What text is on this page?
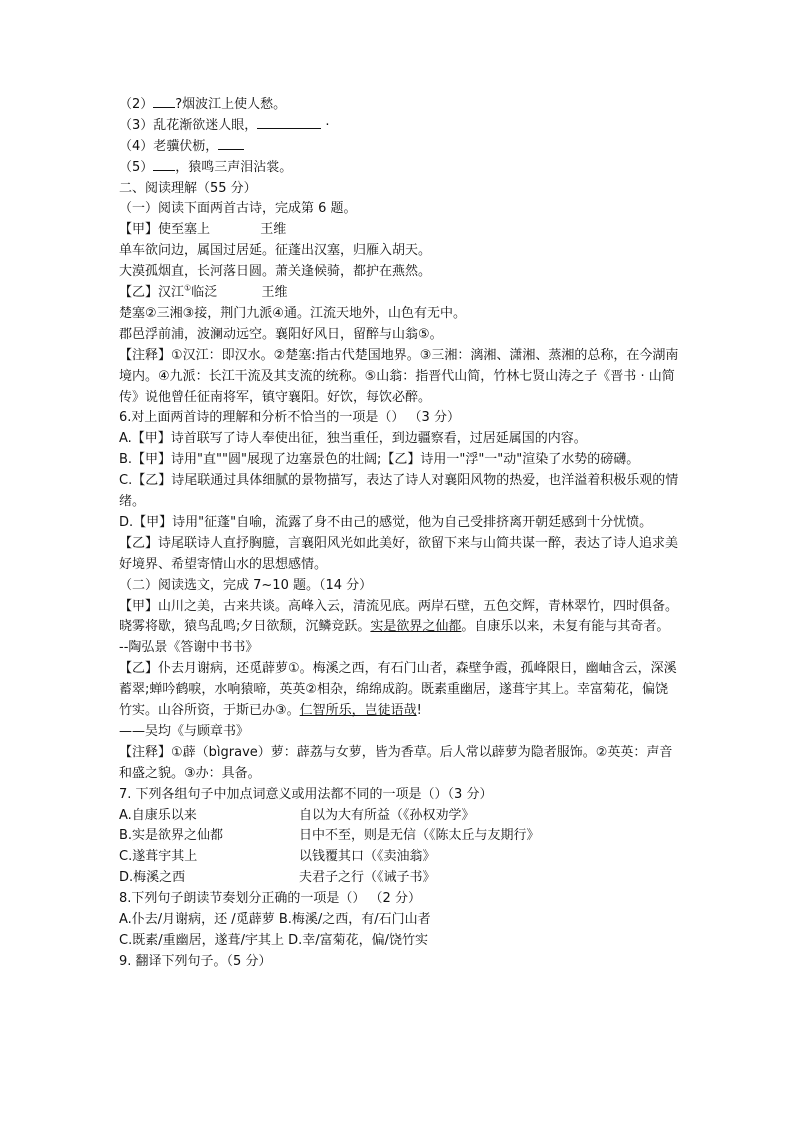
（2） ?烟波江上使人愁。
（3）乱花渐欲迷人眼，	·
（4）老骥伏枥，
（5） ，猿鸣三声泪沾裳。
二、阅读理解（55 分）
（一）阅读下面两首古诗，完成第 6 题。
【甲】使至塞上	王维
单车欲问边，属国过居延。征蓬出汉塞，归雁入胡天。
大漠孤烟直，长河落日圆。萧关逢候骑，都护在燕然。
【乙】汉江①临泛	王维
楚塞②三湘③接，荆门九派④通。江流天地外，山色有无中。
郡邑浮前浦，波澜动远空。襄阳好风日，留醉与山翁⑤。
【注释】①汉江：即汉水。②楚塞:指古代楚国地界。③三湘：漓湘、潇湘、蒸湘的总称，在今湖南境内。④九派：长江干流及其支流的统称。⑤山翁：指晋代山简，竹林七贤山涛之子《晋书 · 山简传》说他曾任征南将军，镇守襄阳。好饮，每饮必醉。
6.对上面两首诗的理解和分析不恰当的一项是（） （3 分）
A.【甲】诗首联写了诗人奉使出征，独当重任，到边疆察看，过居延属国的内容。
B.【甲】诗用"直""圆"展现了边塞景色的壮阔;【乙】诗用一"浮"一"动"渲染了水势的磅礴。
C.【乙】诗尾联通过具体细腻的景物描写，表达了诗人对襄阳风物的热爱，也洋溢着积极乐观的情绪。
D.【甲】诗用"征蓬"自喻，流露了身不由己的感觉，他为自己受排挤离开朝廷感到十分忧愤。
【乙】诗尾联诗人直抒胸臆，言襄阳风光如此美好，欲留下来与山简共谋一醉，表达了诗人追求美好境界、希望寄情山水的思想感情。
（二）阅读选文，完成 7~10 题。（14 分）
【甲】山川之美，古来共谈。高峰入云，清流见底。两岸石壁，五色交辉，青林翠竹，四时俱备。晓雾将歇，猿鸟乱鸣;夕日欲颓，沉鳞竞跃。实是欲界之仙都。自康乐以来，未复有能与其奇者。
--陶弘景《答谢中书书》
【乙】仆去月谢病，还觅薜萝①。梅溪之西，有石门山者，森壁争霞，孤峰限日，幽岫含云，深溪蓄翠;蝉吟鹤唳，水响猿啼，英英②相杂，绵绵成韵。既素重幽居，遂葺宇其上。幸富菊花，偏饶竹实。山谷所资，于斯已办③。仁智所乐，岂徒语哉!
——吴均《与顾章书》
【注释】①薜（bìgrave）萝：薜荔与女萝，皆为香草。后人常以薜萝为隐者服饰。②英英：声音和盛之貌。③办：具备。
7. 下列各组句子中加点词意义或用法都不同的一项是（）（3 分）
A.自康乐以来	自以为大有所益（《孙权劝学》
B.实是欲界之仙都	日中不至，则是无信（《陈太丘与友期行》
C.遂葺宇其上	以钱覆其口（《卖油翁》
D.梅溪之西	夫君子之行（《诫子书》
8.下列句子朗读节奏划分正确的一项是（） （2 分）
A.仆去/月谢病，还 /觅薜萝 B.梅溪/之西，有/石门山者
C.既素/重幽居，遂葺/宇其上 D.幸/富菊花，偏/饶竹实
9. 翻译下列句子。（5 分）
